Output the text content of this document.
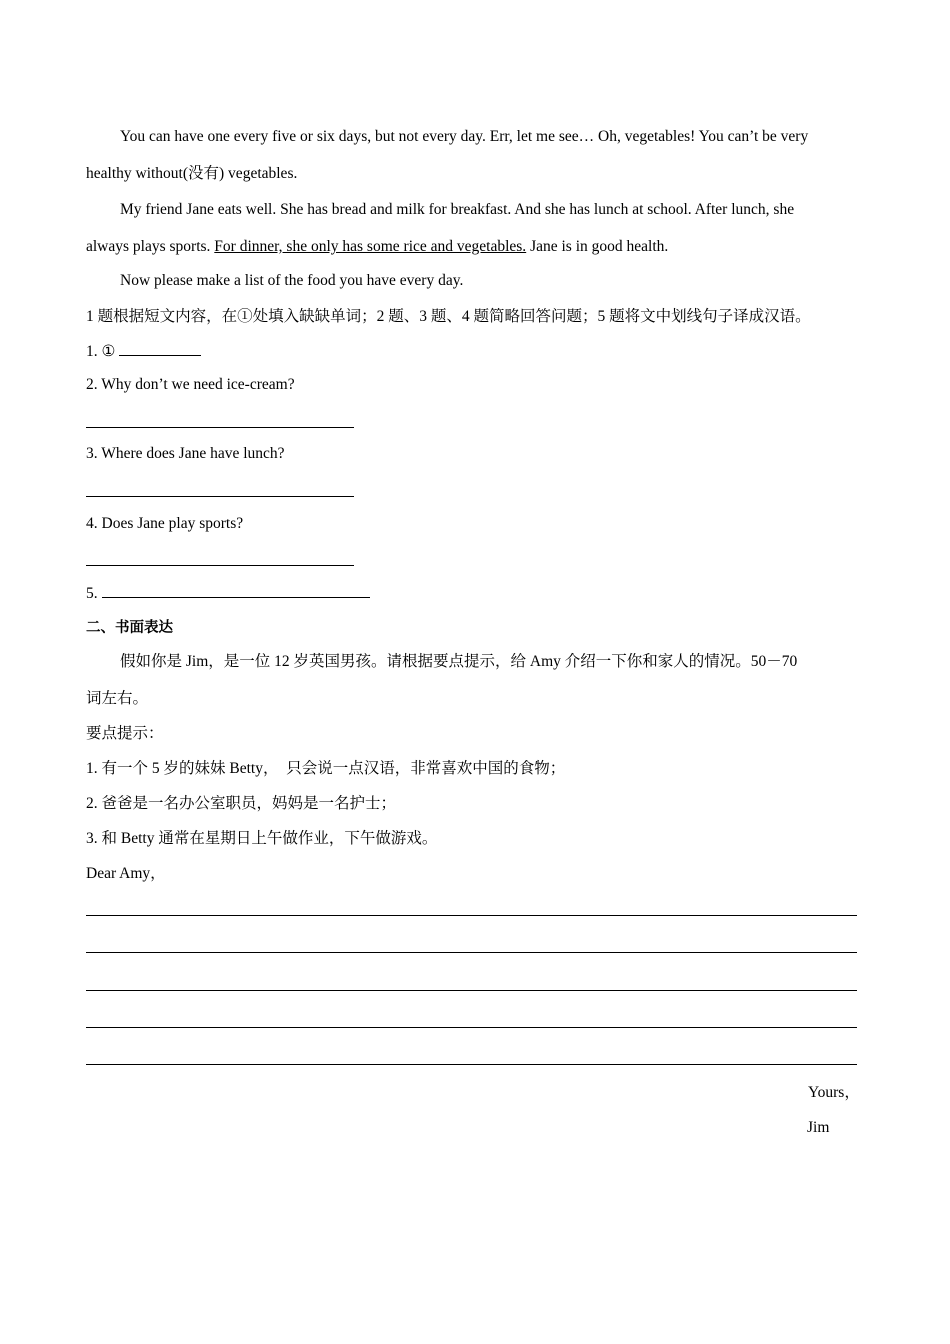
You can have one every five or six days, but not every day. Err, let me see… Oh, vegetables! You can’t be very
healthy without(没有) vegetables.
My friend Jane eats well. She has bread and milk for breakfast. And she has lunch at school. After lunch, she
always plays sports. For dinner, she only has some rice and vegetables. Jane is in good health.
Now please make a list of the food you have every day.
1 题根据短文内容，在①处填入缺缺单词；2 题、3 题、4 题简略回答问题；5 题将文中划线句子译成汉语。
1. ①
2. Why don’t we need ice-cream?
3. Where does Jane have lunch?
4. Does Jane play sports?
5.
二、书面表达
假如你是 Jim，是一位 12 岁英国男孩。请根据要点提示，给 Amy 介绍一下你和家人的情况。50－70
词左右。
要点提示：
1. 有一个 5 岁的妹妹 Betty，　只会说一点汉语，非常喜欢中国的食物；
2. 爸爸是一名办公室职员，妈妈是一名护士；
3. 和 Betty 通常在星期日上午做作业，下午做游戏。
Dear Amy，
Yours，
Jim
